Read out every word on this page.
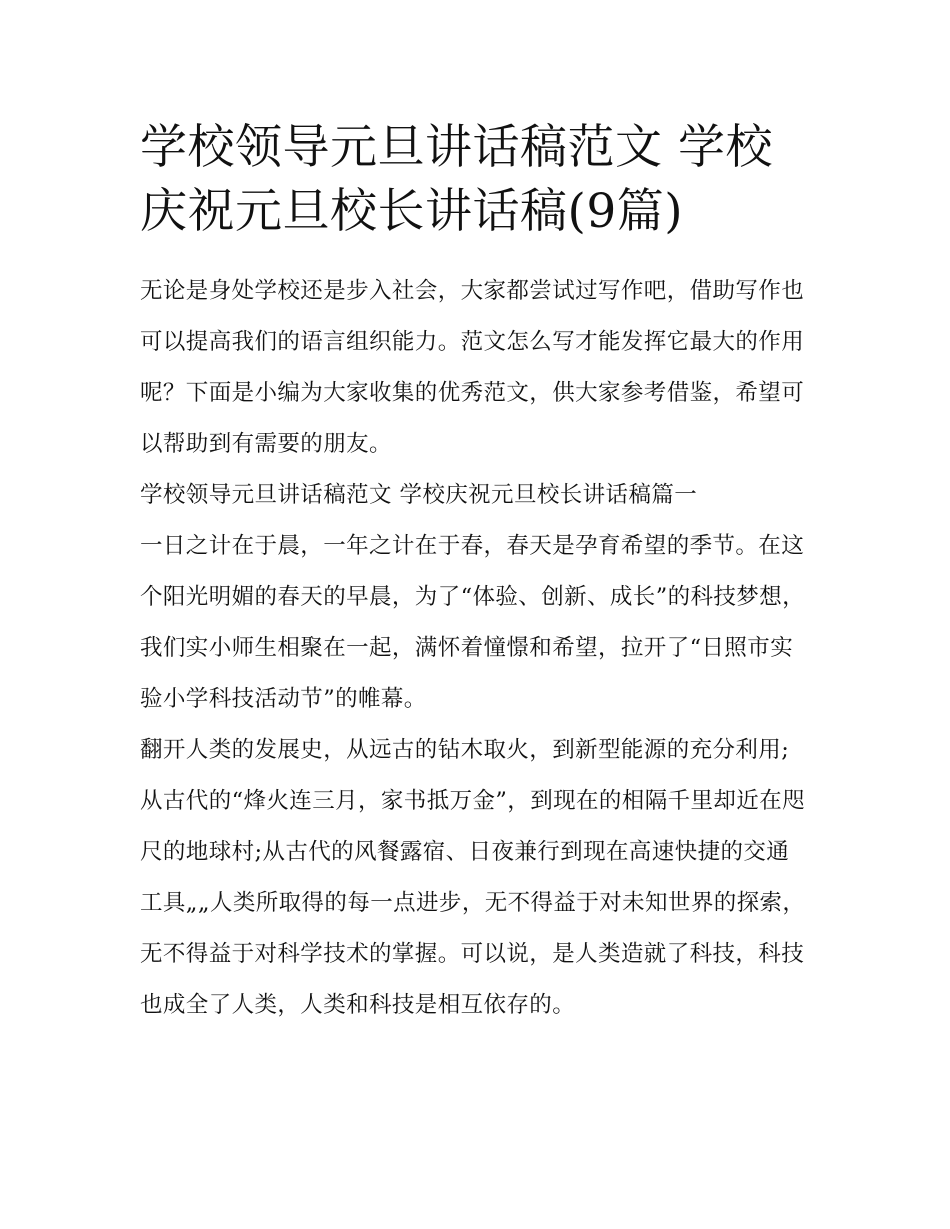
学校领导元旦讲话稿范文 学校庆祝元旦校长讲话稿(9篇)

无论是身处学校还是步入社会，大家都尝试过写作吧，借助写作也可以提高我们的语言组织能力。范文怎么写才能发挥它最大的作用呢？下面是小编为大家收集的优秀范文，供大家参考借鉴，希望可以帮助到有需要的朋友。

学校领导元旦讲话稿范文 学校庆祝元旦校长讲话稿篇一

一日之计在于晨，一年之计在于春，春天是孕育希望的季节。在这个阳光明媚的春天的早晨，为了“体验、创新、成长”的科技梦想，我们实小师生相聚在一起，满怀着憧憬和希望，拉开了“日照市实验小学科技活动节”的帷幕。

翻开人类的发展史，从远古的钻木取火，到新型能源的充分利用;从古代的“烽火连三月，家书抵万金”，到现在的相隔千里却近在咫尺的地球村;从古代的风餐露宿、日夜兼行到现在高速快捷的交通工具„„人类所取得的每一点进步，无不得益于对未知世界的探索，无不得益于对科学技术的掌握。可以说，是人类造就了科技，科技也成全了人类，人类和科技是相互依存的。
